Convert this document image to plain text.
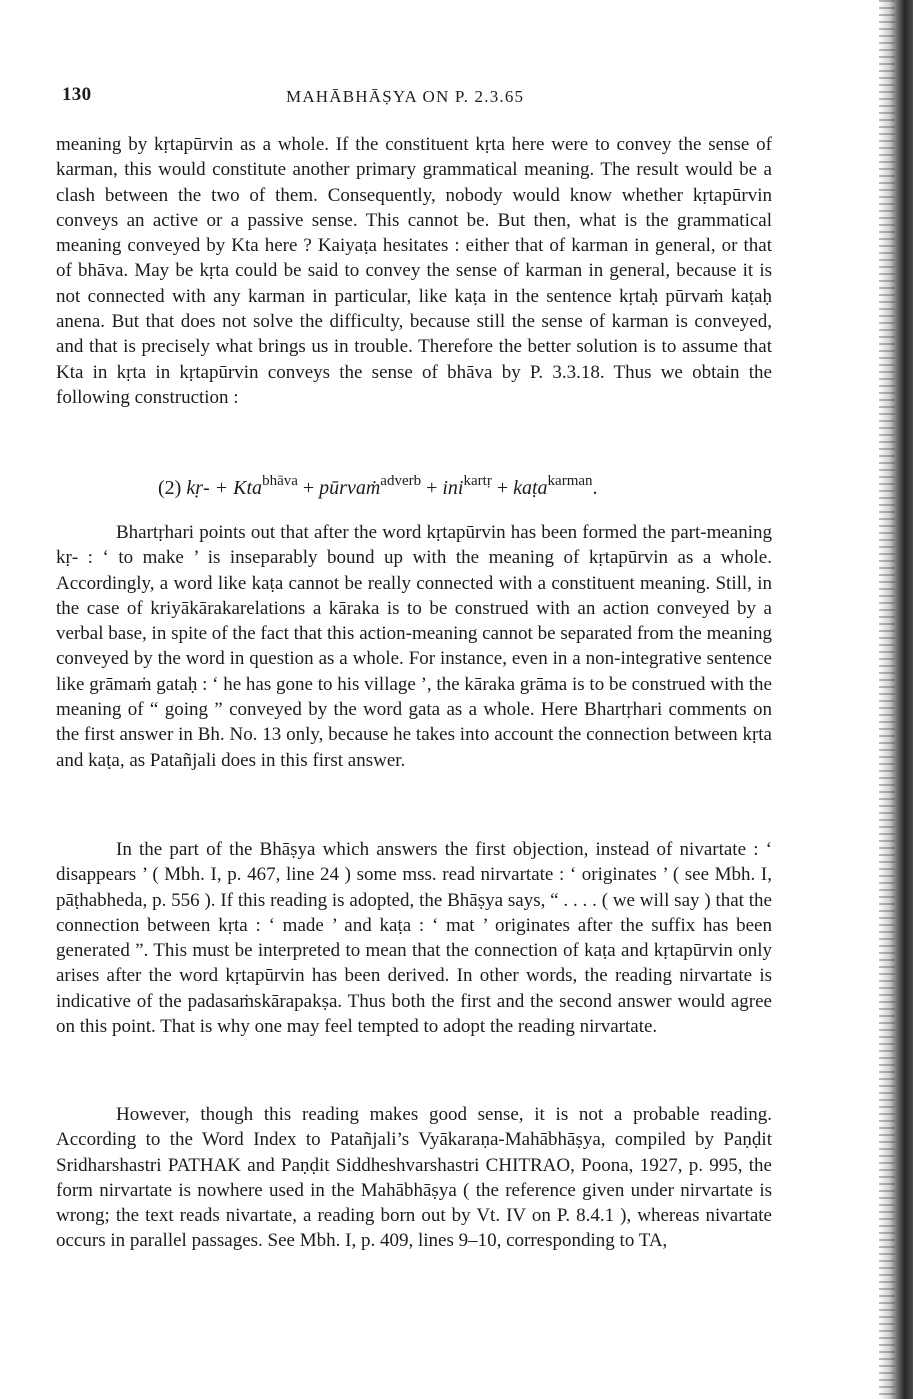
130	MAHĀBHĀṢYA ON P. 2.3.65

meaning by kṛtapūrvin as a whole. If the constituent kṛta here were to convey the sense of karman, this would constitute another primary grammatical meaning. The result would be a clash between the two of them. Consequently, nobody would know whether kṛtapūrvin conveys an active or a passive sense. This cannot be. But then, what is the grammatical meaning conveyed by Kta here ? Kaiyaṭa hesitates : either that of karman in general, or that of bhāva. May be kṛta could be said to convey the sense of karman in general, because it is not connected with any karman in particular, like kaṭa in the sentence kṛtaḥ pūrvaṁ kaṭaḥ anena. But that does not solve the difficulty, because still the sense of karman is conveyed, and that is precisely what brings us in trouble. Therefore the better solution is to assume that Kta in kṛta in kṛtapūrvin conveys the sense of bhāva by P. 3.3.18. Thus we obtain the following construction :

(2) kṛ- + Kta$^{bhāva}$ + pūrvaṁ$^{adverb}$ + ini$^{kartṛ}$ + kaṭa$^{karman}$.

Bhartṛhari points out that after the word kṛtapūrvin has been formed the part-meaning kṛ- : ‘ to make ’ is inseparably bound up with the meaning of kṛtapūrvin as a whole. Accordingly, a word like kaṭa cannot be really connected with a constituent meaning. Still, in the case of kriyākārakarelations a kāraka is to be construed with an action conveyed by a verbal base, in spite of the fact that this action-meaning cannot be separated from the meaning conveyed by the word in question as a whole. For instance, even in a non-integrative sentence like grāmaṁ gataḥ : ‘ he has gone to his village ’, the kāraka grāma is to be construed with the meaning of “ going ” conveyed by the word gata as a whole. Here Bhartṛhari comments on the first answer in Bh. No. 13 only, because he takes into account the connection between kṛta and kaṭa, as Patañjali does in this first answer.

In the part of the Bhāṣya which answers the first objection, instead of nivartate : ‘ disappears ’ ( Mbh. I, p. 467, line 24 ) some mss. read nirvartate : ‘ originates ’ ( see Mbh. I, pāṭhabheda, p. 556 ). If this reading is adopted, the Bhāṣya says, “ . . . . ( we will say ) that the connection between kṛta : ‘ made ’ and kaṭa : ‘ mat ’ originates after the suffix has been generated ”. This must be interpreted to mean that the connection of kaṭa and kṛtapūrvin only arises after the word kṛtapūrvin has been derived. In other words, the reading nirvartate is indicative of the padasaṁskārapakṣa. Thus both the first and the second answer would agree on this point. That is why one may feel tempted to adopt the reading nirvartate.

However, though this reading makes good sense, it is not a probable reading. According to the Word Index to Patañjali’s Vyākaraṇa-Mahābhāṣya, compiled by Paṇḍit Sridharshastri PATHAK and Paṇḍit Siddheshvarshastri CHITRAO, Poona, 1927, p. 995, the form nirvartate is nowhere used in the Mahābhāṣya ( the reference given under nirvartate is wrong; the text reads nivartate, a reading born out by Vt. IV on P. 8.4.1 ), whereas nivartate occurs in parallel passages. See Mbh. I, p. 409, lines 9–10, corresponding to TA,
